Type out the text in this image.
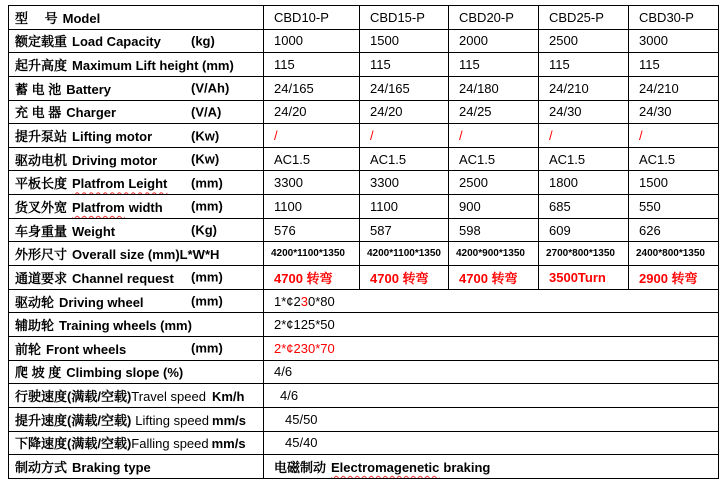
型　 号 Model	CBD10-P	CBD15-P	CBD20-P	CBD25-P	CBD30-P
额定载重 Load Capacity (kg)	1000	1500	2000	2500	3000
起升高度 Maximum Lift height (mm)	115	115	115	115	115
蓄 电 池 Battery (V/Ah)	24/165	24/165	24/180	24/210	24/210
充 电 器 Charger (V/A)	24/20	24/20	24/25	24/30	24/30
提升泵站 Lifting motor (Kw)	/	/	/	/	/
驱动电机 Driving motor (Kw)	AC1.5	AC1.5	AC1.5	AC1.5	AC1.5
平板长度 Platfrom Leight (mm)	3300	3300	2500	1800	1500
货叉外宽 Platfrom width (mm)	1100	1100	900	685	550
车身重量 Weight (Kg)	576	587	598	609	626
外形尺寸 Overall size (mm)L*W*H	4200*1100*1350	4200*1100*1350	4200*900*1350	2700*800*1350	2400*800*1350
通道要求 Channel request (mm)	4700 转弯	4700 转弯	4700 转弯	3500Turn	2900 转弯
驱动轮 Driving wheel (mm)	1*¢230*80				
辅助轮 Training wheels (mm)	2*¢125*50				
前轮 Front wheels (mm)	2*¢230*70				
爬 坡 度 Climbing slope (%)	4/6				
行驶速度(满载/空载)Travel speed Km/h	4/6				
提升速度(满载/空载) Lifting speed mm/s	45/50				
下降速度(满载/空载)Falling speed mm/s	45/40				
制动方式 Braking type	电磁制动 Electromagenetic braking				
